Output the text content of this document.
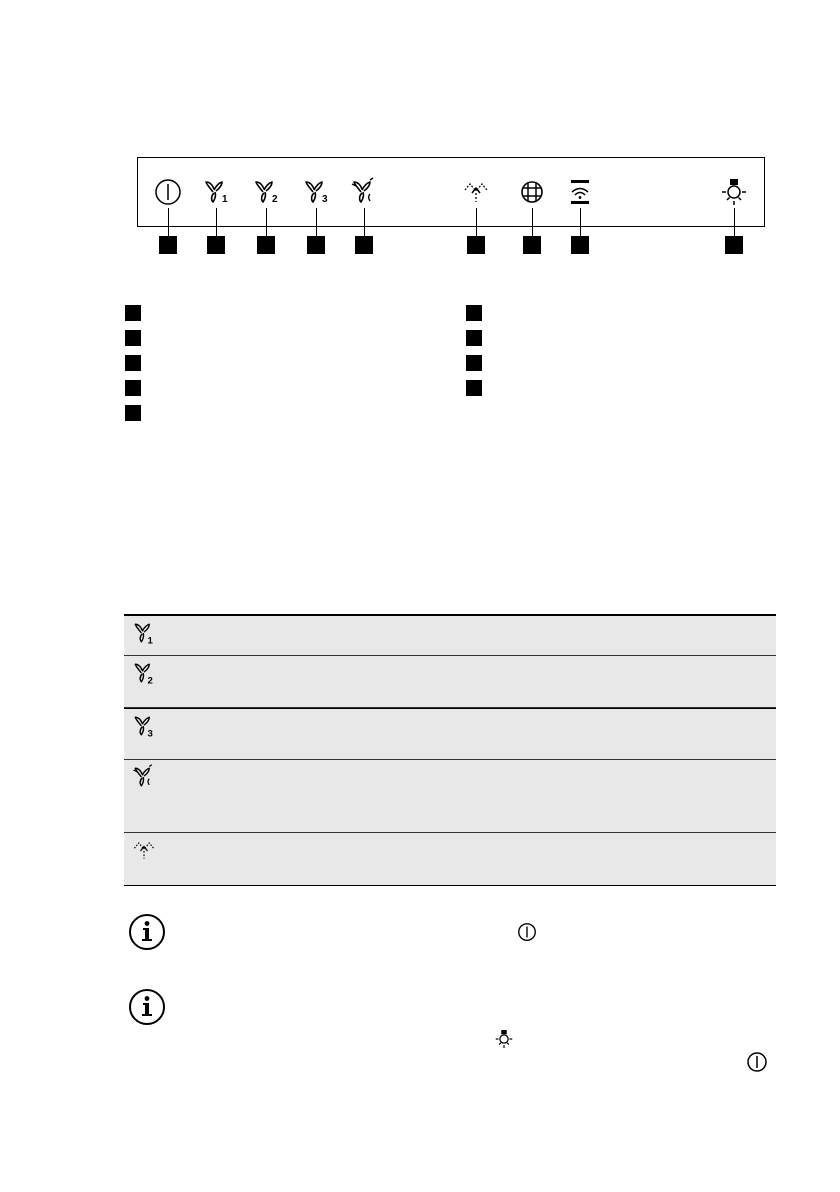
1	2	3
1
2
3
